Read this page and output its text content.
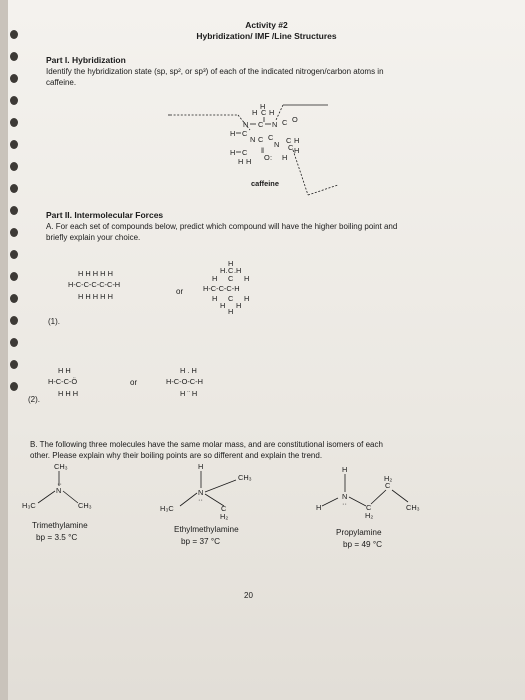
Activity #2
Hybridization/ IMF /Line Structures
Part I. Hybridization
Identify the hybridization state (sp, sp², or sp³) of each of the indicated nitrogen/carbon atoms in
caffeine.
H
H C H
N C N C O
H C
N C C
N C H
C H
H C
O : H
H H
‖
caffeine
Part II. Intermolecular Forces
A. For each set of compounds below, predict which compound will have the higher boiling point and
briefly explain your choice.
H H H H H
H-C-C-C-C-C-H
H H H H H
or
H
H. C .H
H C H
H-C-C-C-H
H C H
H H
H
(1).
H H
H-C-C-Ö
H H H
or
H . H
H-C-O-C-H
H ¨ H
(2).
B. The following three molecules have the same molar mass, and are constitutional isomers of each
other. Please explain why their boiling points are so different and explain the trend.
CH₃
N
··
H₃C	CH₃
Trimethylamine
bp = 3.5 °C
H
N
··
CH₃
H₃C	C
H₂
Ethylmethylamine
bp = 37 °C
H
N
··
H	C
H₂
C
H₂
CH₃
Propylamine
bp = 49 °C
20
